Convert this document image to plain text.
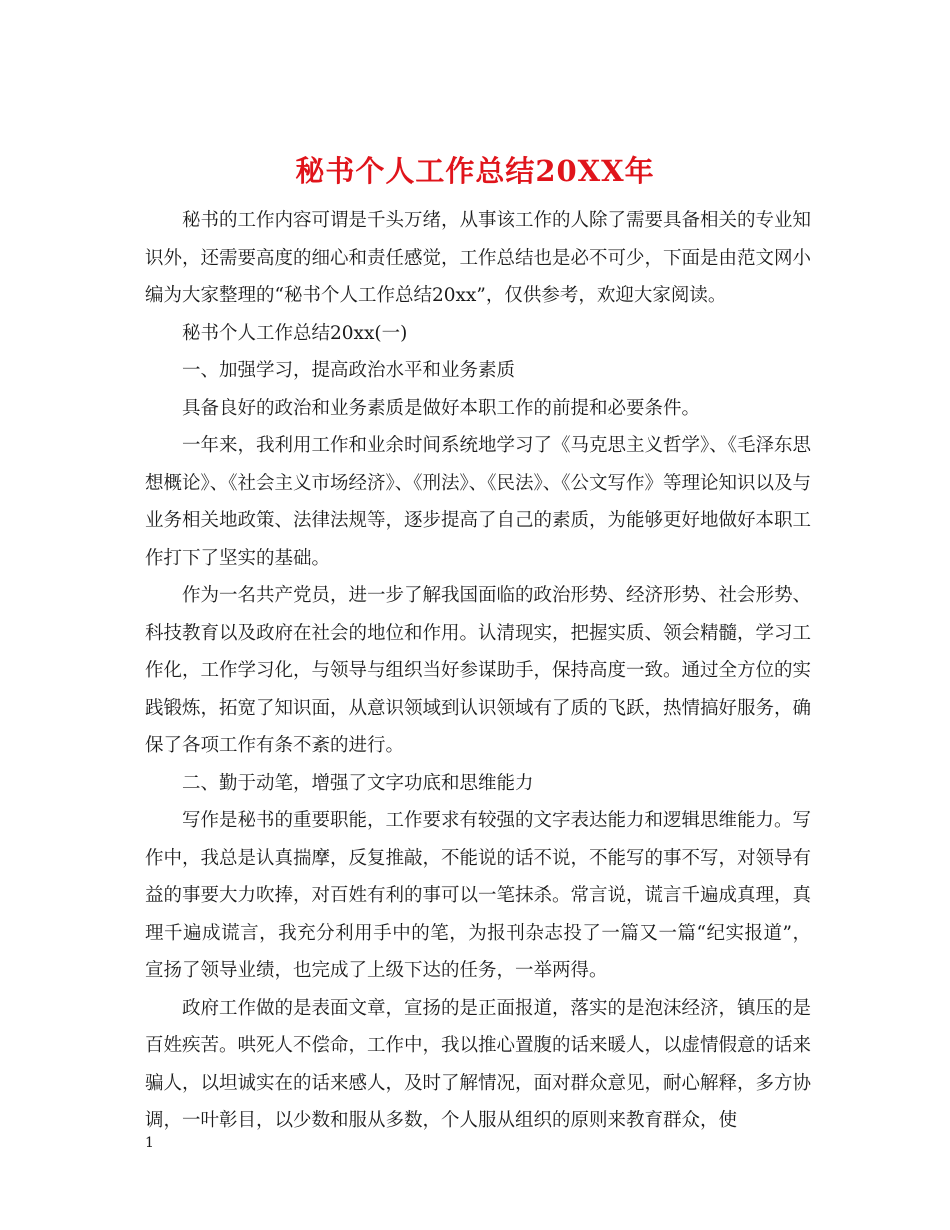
秘书个人工作总结20XX年

秘书的工作内容可谓是千头万绪，从事该工作的人除了需要具备相关的专业知识外，还需要高度的细心和责任感觉，工作总结也是必不可少，下面是由范文网小编为大家整理的“秘书个人工作总结20xx”，仅供参考，欢迎大家阅读。

秘书个人工作总结20xx(一)

一、加强学习，提高政治水平和业务素质

具备良好的政治和业务素质是做好本职工作的前提和必要条件。

一年来，我利用工作和业余时间系统地学习了《马克思主义哲学》、《毛泽东思想概论》、《社会主义市场经济》、《刑法》、《民法》、《公文写作》等理论知识以及与业务相关地政策、法律法规等，逐步提高了自己的素质，为能够更好地做好本职工作打下了坚实的基础。

作为一名共产党员，进一步了解我国面临的政治形势、经济形势、社会形势、科技教育以及政府在社会的地位和作用。认清现实，把握实质、领会精髓，学习工作化，工作学习化，与领导与组织当好参谋助手，保持高度一致。通过全方位的实践锻炼，拓宽了知识面，从意识领域到认识领域有了质的飞跃，热情搞好服务，确保了各项工作有条不紊的进行。

二、勤于动笔，增强了文字功底和思维能力

写作是秘书的重要职能，工作要求有较强的文字表达能力和逻辑思维能力。写作中，我总是认真揣摩，反复推敲，不能说的话不说，不能写的事不写，对领导有益的事要大力吹捧，对百姓有利的事可以一笔抹杀。常言说，谎言千遍成真理，真理千遍成谎言，我充分利用手中的笔，为报刊杂志投了一篇又一篇“纪实报道”，宣扬了领导业绩，也完成了上级下达的任务，一举两得。

政府工作做的是表面文章，宣扬的是正面报道，落实的是泡沫经济，镇压的是百姓疾苦。哄死人不偿命，工作中，我以推心置腹的话来暖人，以虚情假意的话来骗人，以坦诚实在的话来感人，及时了解情况，面对群众意见，耐心解释，多方协调，一叶彰目，以少数和服从多数，个人服从组织的原则来教育群众，使

1
